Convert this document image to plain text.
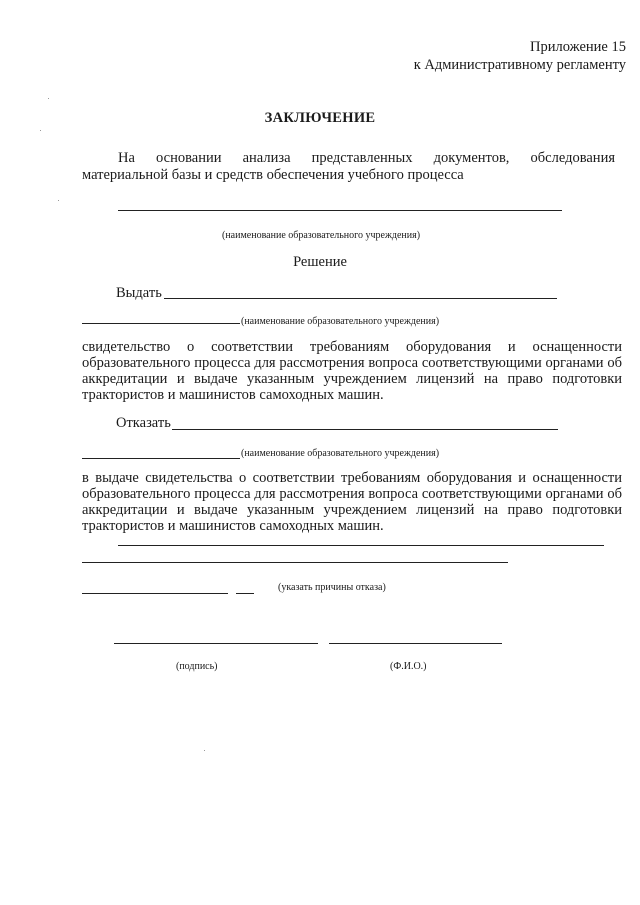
Приложение 15
к Административному регламенту
ЗАКЛЮЧЕНИЕ
На основании анализа представленных документов, обследования
материальной базы и средств обеспечения учебного процесса
(наименование образовательного учреждения)
Решение
Выдать
(наименование образовательного учреждения)
свидетельство о соответствии требованиям оборудования и оснащенности образовательного процесса для рассмотрения вопроса соответствующими органами об аккредитации и выдаче указанным учреждением лицензий на право подготовки трактористов и машинистов самоходных машин.
Отказать
(наименование образовательного учреждения)
в выдаче свидетельства о соответствии требованиям оборудования и оснащенности образовательного процесса для рассмотрения вопроса соответствующими органами об аккредитации и выдаче указанным учреждением лицензий на право подготовки трактористов и машинистов самоходных машин.
(указать причины отказа)
(подпись)	(Ф.И.О.)
